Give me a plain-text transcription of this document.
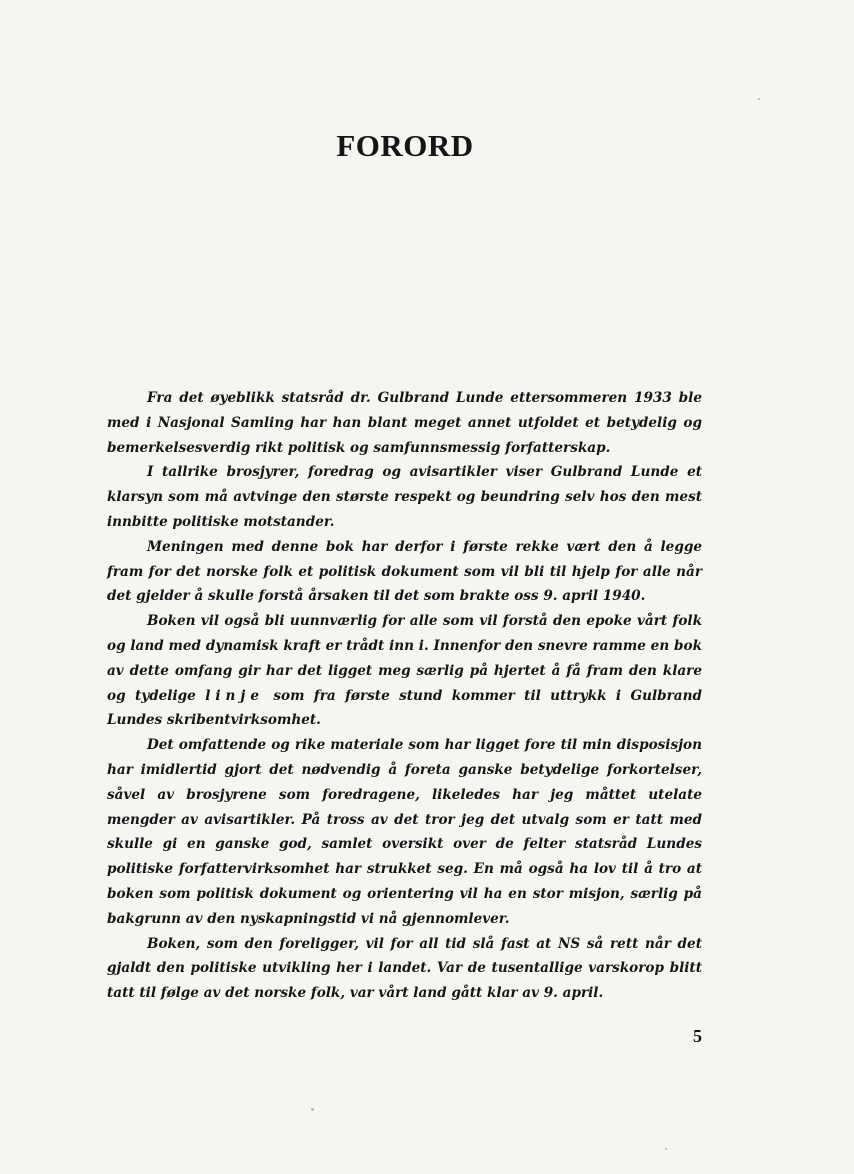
FORORD

Fra det øyeblikk statsråd dr. Gulbrand Lunde ettersommeren 1933 ble med i Nasjonal Samling har han blant meget annet utfoldet et betydelig og bemerkelsesverdig rikt politisk og samfunnsmessig forfatterskap.

I tallrike brosjyrer, foredrag og avisartikler viser Gulbrand Lunde et klarsyn som må avtvinge den største respekt og beundring selv hos den mest innbitte politiske motstander.

Meningen med denne bok har derfor i første rekke vært den å legge fram for det norske folk et politisk dokument som vil bli til hjelp for alle når det gjelder å skulle forstå årsaken til det som brakte oss 9. april 1940.

Boken vil også bli uunnværlig for alle som vil forstå den epoke vårt folk og land med dynamisk kraft er trådt inn i. Innenfor den snevre ramme en bok av dette omfang gir har det ligget meg særlig på hjertet å få fram den klare og tydelige linje som fra første stund kommer til uttrykk i Gulbrand Lundes skribentvirksomhet.

Det omfattende og rike materiale som har ligget fore til min disposisjon har imidlertid gjort det nødvendig å foreta ganske betydelige forkortelser, såvel av brosjyrene som foredragene, likeledes har jeg måttet utelate mengder av avisartikler. På tross av det tror jeg det utvalg som er tatt med skulle gi en ganske god, samlet oversikt over de felter statsråd Lundes politiske forfattervirksomhet har strukket seg. En må også ha lov til å tro at boken som politisk dokument og orientering vil ha en stor misjon, særlig på bakgrunn av den nyskapningstid vi nå gjennomlever.

Boken, som den foreligger, vil for all tid slå fast at NS så rett når det gjaldt den politiske utvikling her i landet. Var de tusentallige varskorop blitt tatt til følge av det norske folk, var vårt land gått klar av 9. april.

5
